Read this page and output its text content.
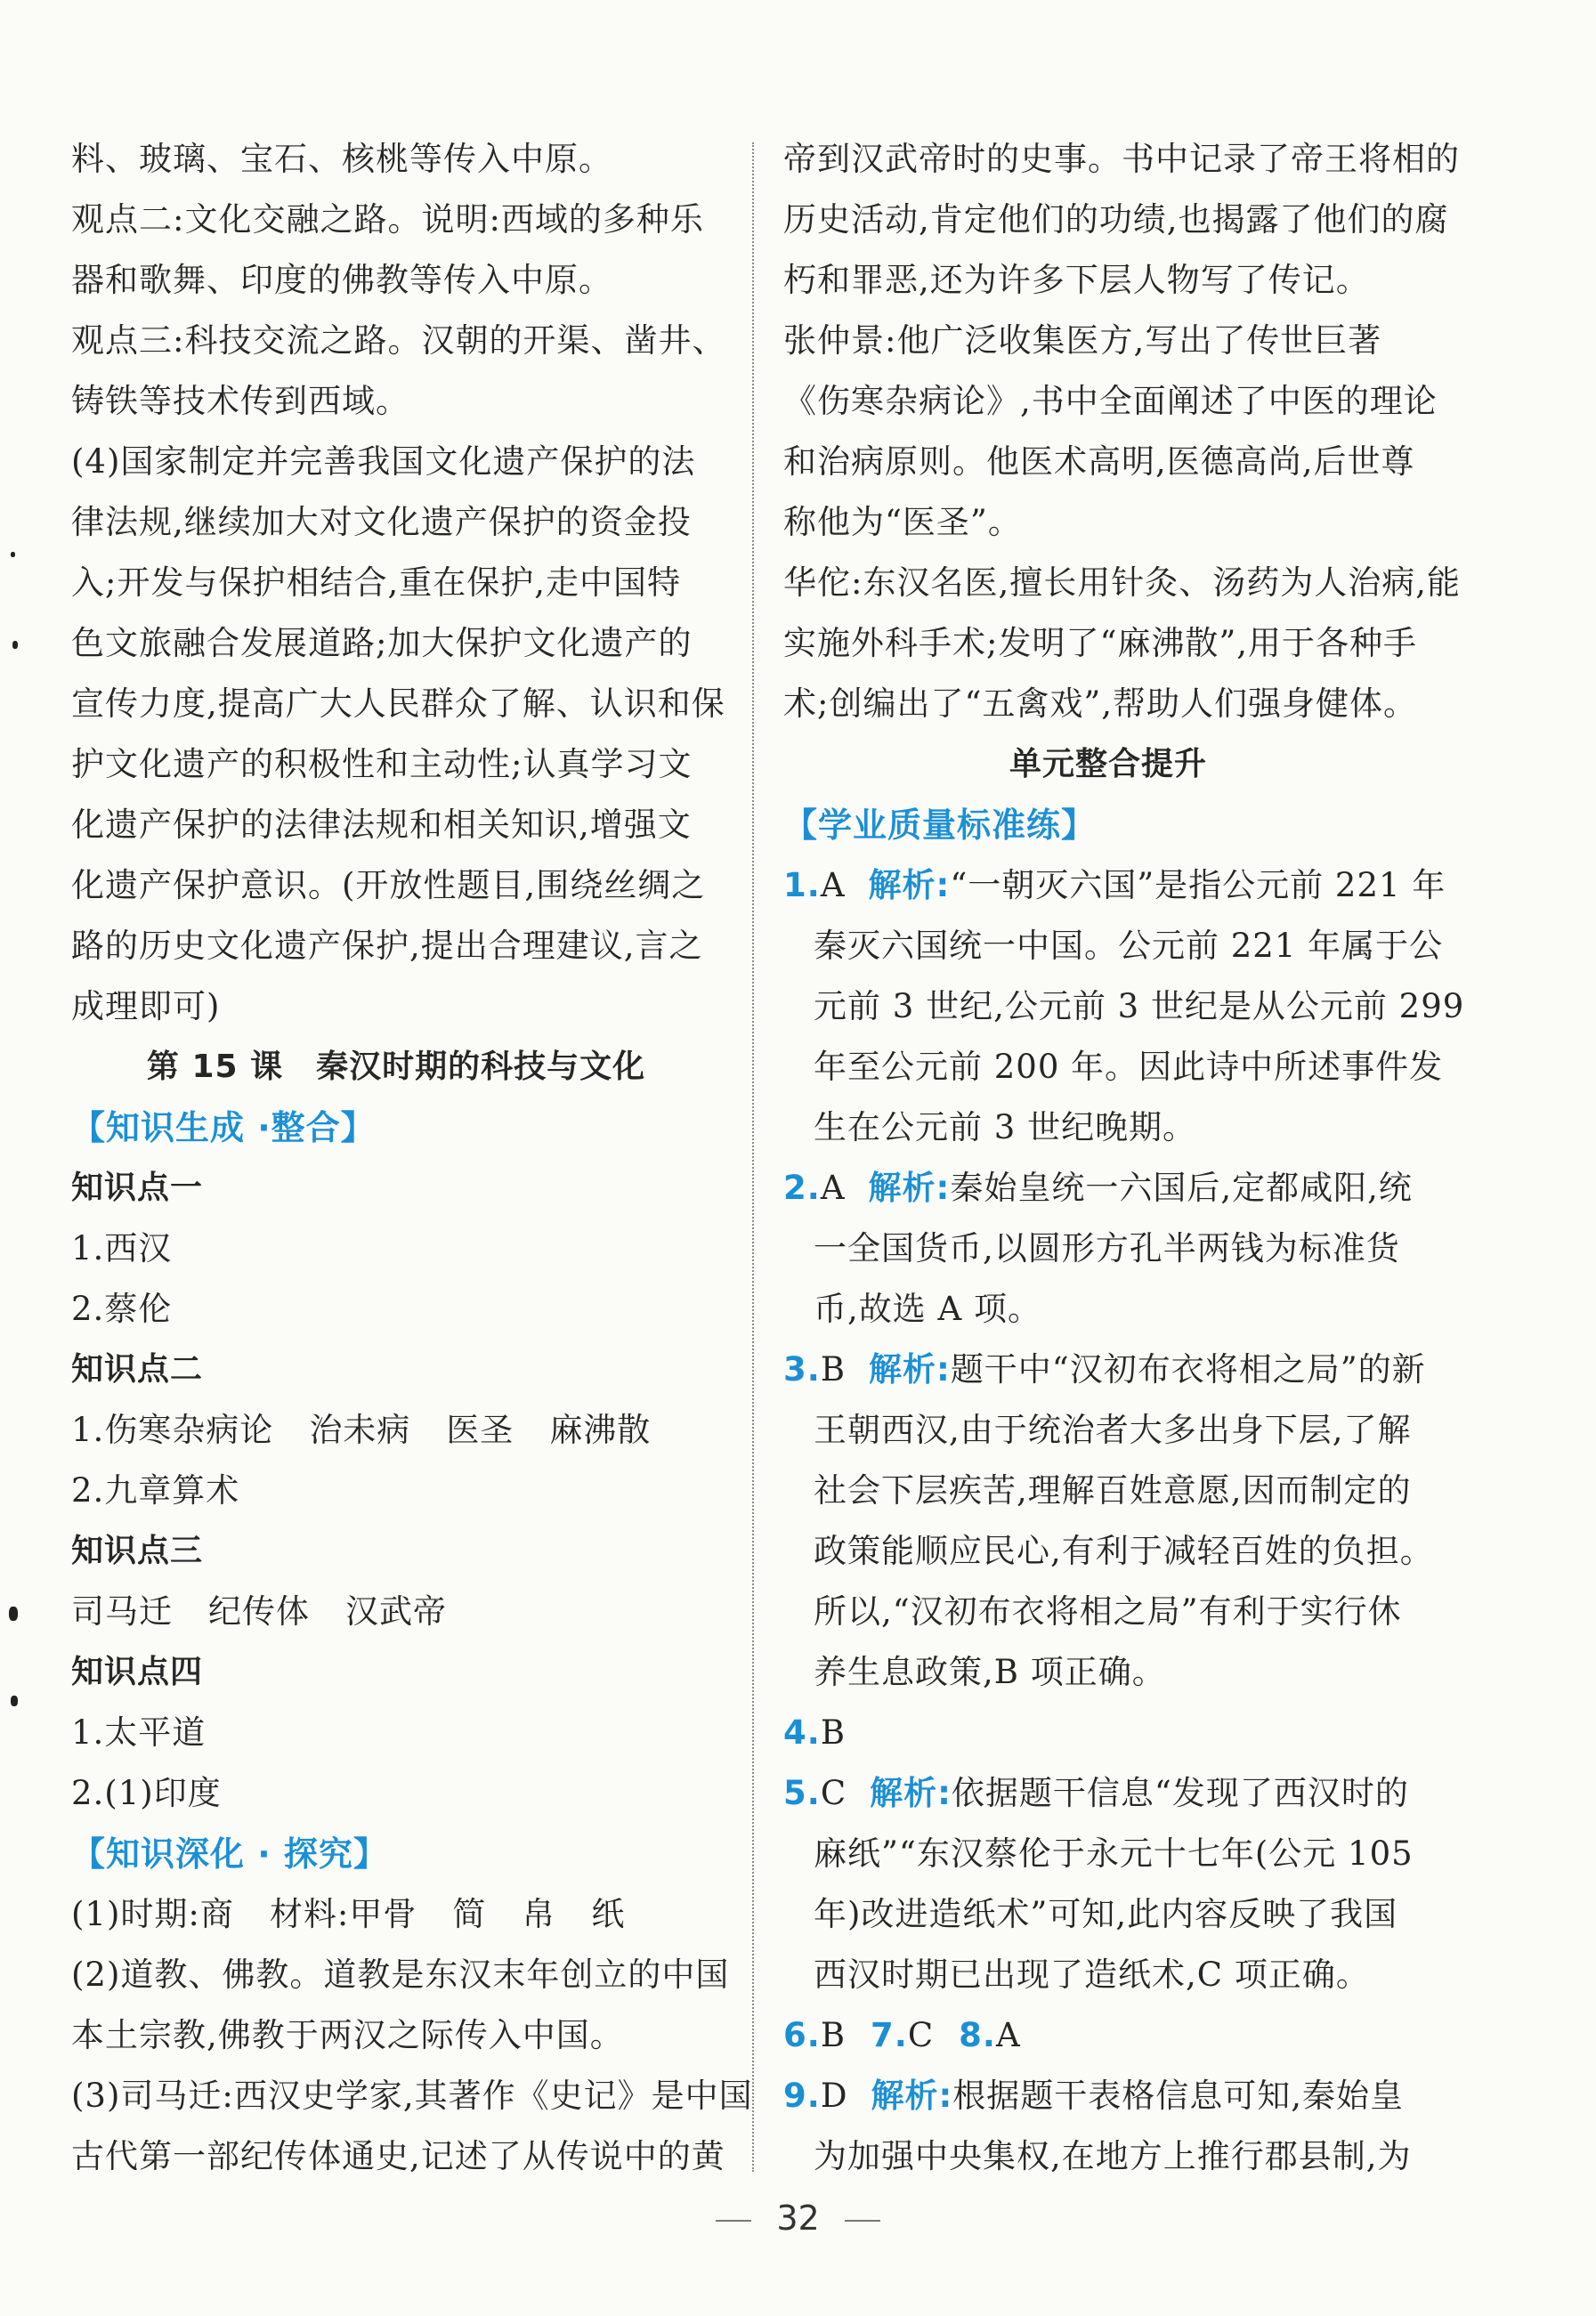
料、玻璃、宝石、核桃等传入中原。
观点二:文化交融之路。说明:西域的多种乐
器和歌舞、印度的佛教等传入中原。
观点三:科技交流之路。汉朝的开渠、凿井、
铸铁等技术传到西域。
(4)国家制定并完善我国文化遗产保护的法
律法规,继续加大对文化遗产保护的资金投
入;开发与保护相结合,重在保护,走中国特
色文旅融合发展道路;加大保护文化遗产的
宣传力度,提高广大人民群众了解、认识和保
护文化遗产的积极性和主动性;认真学习文
化遗产保护的法律法规和相关知识,增强文
化遗产保护意识。(开放性题目,围绕丝绸之
路的历史文化遗产保护,提出合理建议,言之
成理即可)
第 15 课　秦汉时期的科技与文化
【知识生成 ·整合】
知识点一
1.西汉
2.蔡伦
知识点二
1.伤寒杂病论 治未病 医圣 麻沸散
2.九章算术
知识点三
司马迁 纪传体 汉武帝
知识点四
1.太平道
2.(1)印度
【知识深化 · 探究】
(1)时期:商 材料:甲骨 简 帛 纸
(2)道教、佛教。道教是东汉末年创立的中国
本土宗教,佛教于两汉之际传入中国。
(3)司马迁:西汉史学家,其著作《史记》是中国
古代第一部纪传体通史,记述了从传说中的黄
帝到汉武帝时的史事。书中记录了帝王将相的
历史活动,肯定他们的功绩,也揭露了他们的腐
朽和罪恶,还为许多下层人物写了传记。
张仲景:他广泛收集医方,写出了传世巨著
《伤寒杂病论》,书中全面阐述了中医的理论
和治病原则。他医术高明,医德高尚,后世尊
称他为“医圣”。
华佗:东汉名医,擅长用针灸、汤药为人治病,能
实施外科手术;发明了“麻沸散”,用于各种手
术;创编出了“五禽戏”,帮助人们强身健体。
单元整合提升
【学业质量标准练】
1.A 解析:“一朝灭六国”是指公元前 221 年
秦灭六国统一中国。公元前 221 年属于公
元前 3 世纪,公元前 3 世纪是从公元前 299
年至公元前 200 年。因此诗中所述事件发
生在公元前 3 世纪晚期。
2.A 解析:秦始皇统一六国后,定都咸阳,统
一全国货币,以圆形方孔半两钱为标准货
币,故选 A 项。
3.B 解析:题干中“汉初布衣将相之局”的新
王朝西汉,由于统治者大多出身下层,了解
社会下层疾苦,理解百姓意愿,因而制定的
政策能顺应民心,有利于减轻百姓的负担。
所以,“汉初布衣将相之局”有利于实行休
养生息政策,B 项正确。
4.B
5.C 解析:依据题干信息“发现了西汉时的
麻纸”“东汉蔡伦于永元十七年(公元 105
年)改进造纸术”可知,此内容反映了我国
西汉时期已出现了造纸术,C 项正确。
6.B 7.C 8.A
9.D 解析:根据题干表格信息可知,秦始皇
为加强中央集权,在地方上推行郡县制,为
32
